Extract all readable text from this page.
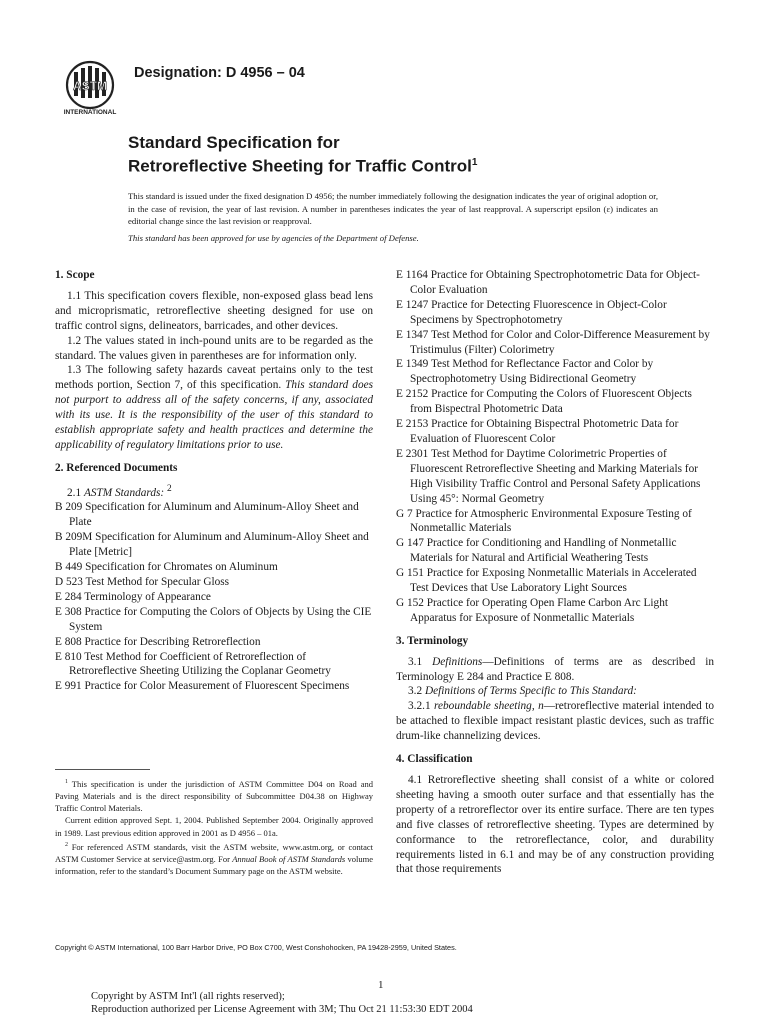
ASTM
INTERNATIONAL
Designation: D 4956 – 04
Standard Specification for
Retroreflective Sheeting for Traffic Control$^1$
This standard is issued under the fixed designation D 4956; the number immediately following the designation indicates the year of original adoption or, in the case of revision, the year of last revision. A number in parentheses indicates the year of last reapproval. A superscript epsilon (ε) indicates an editorial change since the last revision or reapproval.
This standard has been approved for use by agencies of the Department of Defense.
1. Scope

1.1 This specification covers flexible, non-exposed glass bead lens and microprismatic, retroreflective sheeting designed for use on traffic control signs, delineators, barricades, and other devices.

1.2 The values stated in inch-pound units are to be regarded as the standard. The values given in parentheses are for information only.

1.3 The following safety hazards caveat pertains only to the test methods portion, Section 7, of this specification. This standard does not purport to address all of the safety concerns, if any, associated with its use. It is the responsibility of the user of this standard to establish appropriate safety and health practices and determine the applicability of regulatory limitations prior to use.

2. Referenced Documents

2.1 ASTM Standards: $^2$

B 209 Specification for Aluminum and Aluminum-Alloy Sheet and Plate

B 209M Specification for Aluminum and Aluminum-Alloy Sheet and Plate [Metric]

B 449 Specification for Chromates on Aluminum

D 523 Test Method for Specular Gloss

E 284 Terminology of Appearance

E 308 Practice for Computing the Colors of Objects by Using the CIE System

E 808 Practice for Describing Retroreflection

E 810 Test Method for Coefficient of Retroreflection of Retroreflective Sheeting Utilizing the Coplanar Geometry

E 991 Practice for Color Measurement of Fluorescent Specimens

E 1164 Practice for Obtaining Spectrophotometric Data for Object-Color Evaluation

E 1247 Practice for Detecting Fluorescence in Object-Color Specimens by Spectrophotometry

E 1347 Test Method for Color and Color-Difference Measurement by Tristimulus (Filter) Colorimetry

E 1349 Test Method for Reflectance Factor and Color by Spectrophotometry Using Bidirectional Geometry

E 2152 Practice for Computing the Colors of Fluorescent Objects from Bispectral Photometric Data

E 2153 Practice for Obtaining Bispectral Photometric Data for Evaluation of Fluorescent Color

E 2301 Test Method for Daytime Colorimetric Properties of Fluorescent Retroreflective Sheeting and Marking Materials for High Visibility Traffic Control and Personal Safety Applications Using 45°: Normal Geometry

G 7 Practice for Atmospheric Environmental Exposure Testing of Nonmetallic Materials

G 147 Practice for Conditioning and Handling of Nonmetallic Materials for Natural and Artificial Weathering Tests

G 151 Practice for Exposing Nonmetallic Materials in Accelerated Test Devices that Use Laboratory Light Sources

G 152 Practice for Operating Open Flame Carbon Arc Light Apparatus for Exposure of Nonmetallic Materials

3. Terminology

3.1 Definitions—Definitions of terms are as described in Terminology E 284 and Practice E 808.

3.2 Definitions of Terms Specific to This Standard:

3.2.1 reboundable sheeting, n—retroreflective material intended to be attached to flexible impact resistant plastic devices, such as traffic drum-like channelizing devices.

4. Classification

4.1 Retroreflective sheeting shall consist of a white or colored sheeting having a smooth outer surface and that essentially has the property of a retroreflector over its entire surface. There are ten types and five classes of retroreflective sheeting. Types are determined by conformance to the retroreflectance, color, and durability requirements listed in 6.1 and may be of any construction providing that those requirements

$^1$ This specification is under the jurisdiction of ASTM Committee D04 on Road and Paving Materials and is the direct responsibility of Subcommittee D04.38 on Highway Traffic Control Materials.

Current edition approved Sept. 1, 2004. Published September 2004. Originally approved in 1989. Last previous edition approved in 2001 as D 4956 – 01a.

$^2$ For referenced ASTM standards, visit the ASTM website, www.astm.org, or contact ASTM Customer Service at service@astm.org. For Annual Book of ASTM Standards volume information, refer to the standard’s Document Summary page on the ASTM website.

Copyright © ASTM International, 100 Barr Harbor Drive, PO Box C700, West Conshohocken, PA 19428-2959, United States.
1
Copyright by ASTM Int'l (all rights reserved);
Reproduction authorized per License Agreement with 3M; Thu Oct 21 11:53:30 EDT 2004
